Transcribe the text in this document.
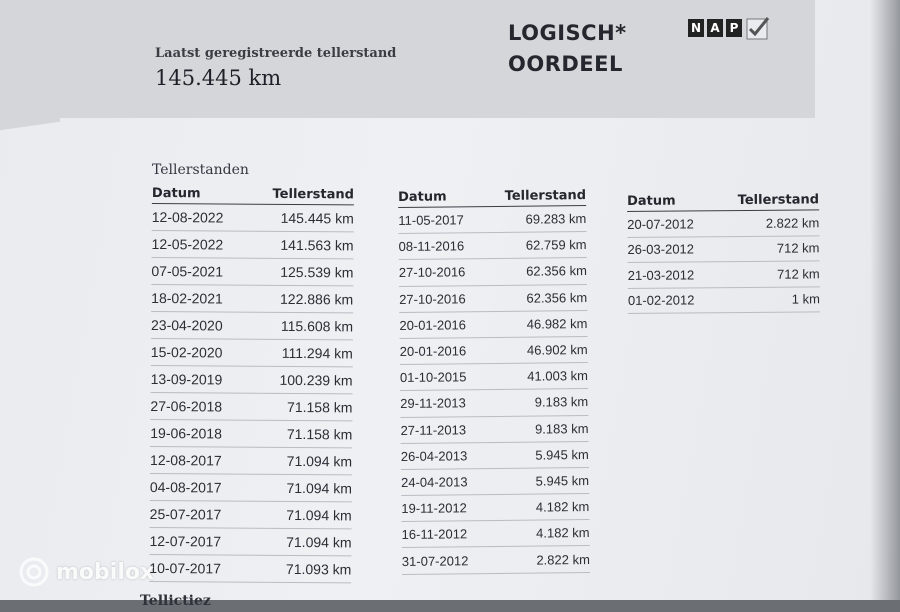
Laatst geregistreerde tellerstand
145.445 km
LOGISCH*
OORDEEL
N A P
Tellerstanden
Datum	Tellerstand
12-08-2022	145.445 km
12-05-2022	141.563 km
07-05-2021	125.539 km
18-02-2021	122.886 km
23-04-2020	115.608 km
15-02-2020	111.294 km
13-09-2019	100.239 km
27-06-2018	71.158 km
19-06-2018	71.158 km
12-08-2017	71.094 km
04-08-2017	71.094 km
25-07-2017	71.094 km
12-07-2017	71.094 km
10-07-2017	71.093 km
Datum	Tellerstand
11-05-2017	69.283 km
08-11-2016	62.759 km
27-10-2016	62.356 km
27-10-2016	62.356 km
20-01-2016	46.982 km
20-01-2016	46.902 km
01-10-2015	41.003 km
29-11-2013	9.183 km
27-11-2013	9.183 km
26-04-2013	5.945 km
24-04-2013	5.945 km
19-11-2012	4.182 km
16-11-2012	4.182 km
31-07-2012	2.822 km
Datum	Tellerstand
20-07-2012	2.822 km
26-03-2012	712 km
21-03-2012	712 km
01-02-2012	1 km
Tellictiez
mobilox
